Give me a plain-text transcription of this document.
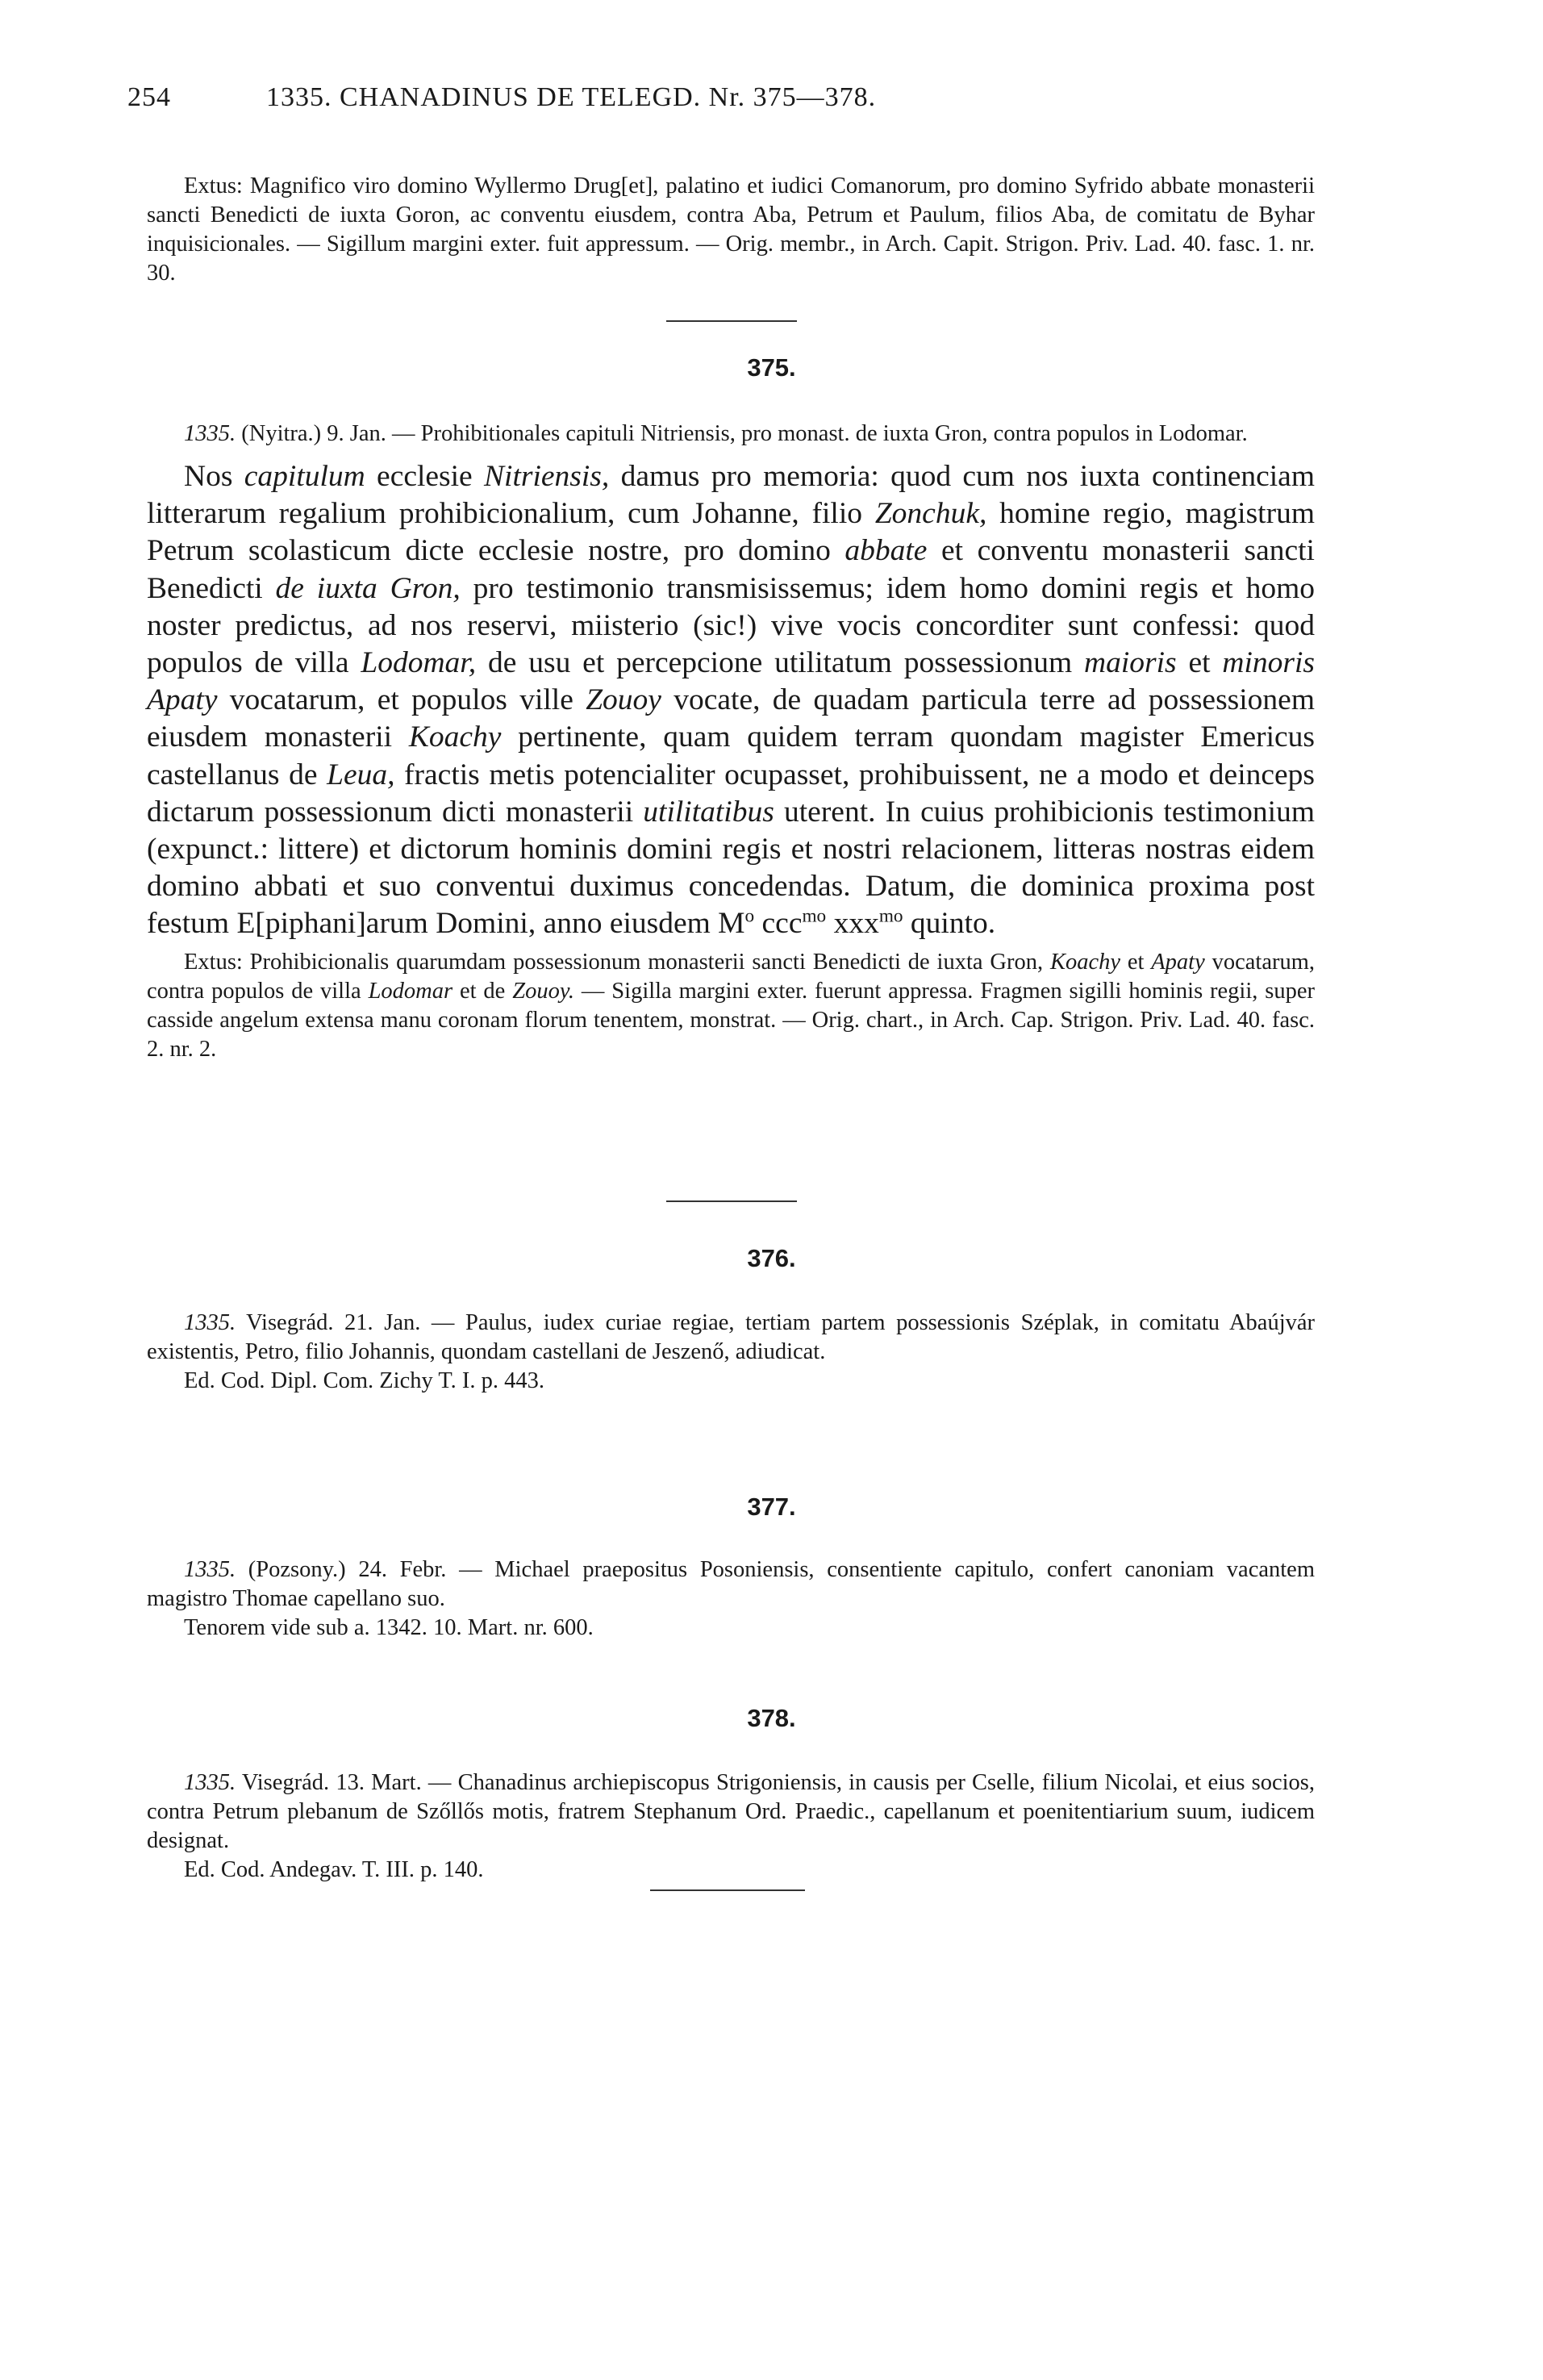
254	1335. CHANADINUS DE TELEGD. Nr. 375—378.

Extus: Magnifico viro domino Wyllermo Drug[et], palatino et iudici Comanorum, pro domino Syfrido abbate monasterii sancti Benedicti de iuxta Goron, ac conventu eiusdem, contra Aba, Petrum et Paulum, filios Aba, de comitatu de Byhar inquisicionales. — Sigillum margini exter. fuit appressum. — Orig. membr., in Arch. Capit. Strigon. Priv. Lad. 40. fasc. 1. nr. 30.

375.

1335. (Nyitra.) 9. Jan. — Prohibitionales capituli Nitriensis, pro monast. de iuxta Gron, contra populos in Lodomar.

Nos capitulum ecclesie Nitriensis, damus pro memoria: quod cum nos iuxta continenciam litterarum regalium prohibicionalium, cum Johanne, filio Zonchuk, homine regio, magistrum Petrum scolasticum dicte ecclesie nostre, pro domino abbate et conventu monasterii sancti Benedicti de iuxta Gron, pro testimonio transmisissemus; idem homo domini regis et homo noster predictus, ad nos reservi, miisterio (sic!) vive vocis concorditer sunt confessi: quod populos de villa Lodomar, de usu et percepcione utilitatum possessionum maioris et minoris Apaty vocatarum, et populos ville Zouoy vocate, de quadam particula terre ad possessionem eiusdem monasterii Koachy pertinente, quam quidem terram quondam magister Emericus castellanus de Leua, fractis metis potencialiter ocupasset, prohibuissent, ne a modo et deinceps dictarum possessionum dicti monasterii utilitatibus uterent. In cuius prohibicionis testimonium (expunct.: littere) et dictorum hominis domini regis et nostri relacionem, litteras nostras eidem domino abbati et suo conventui duximus concedendas. Datum, die dominica proxima post festum E[piphani]arum Domini, anno eiusdem $M^o$ ccc$^{mo}$ xxx$^{mo}$ quinto.

Extus: Prohibicionalis quarumdam possessionum monasterii sancti Benedicti de iuxta Gron, Koachy et Apaty vocatarum, contra populos de villa Lodomar et de Zouoy. — Sigilla margini exter. fuerunt appressa. Fragmen sigilli hominis regii, super casside angelum extensa manu coronam florum tenentem, monstrat. — Orig. chart., in Arch. Cap. Strigon. Priv. Lad. 40. fasc. 2. nr. 2.

376.

1335. Visegrád. 21. Jan. — Paulus, iudex curiae regiae, tertiam partem possessionis Széplak, in comitatu Abaújvár existentis, Petro, filio Johannis, quondam castellani de Jeszenő, adiudicat.

Ed. Cod. Dipl. Com. Zichy T. I. p. 443.

377.

1335. (Pozsony.) 24. Febr. — Michael praepositus Posoniensis, consentiente capitulo, confert canoniam vacantem magistro Thomae capellano suo.

Tenorem vide sub a. 1342. 10. Mart. nr. 600.

378.

1335. Visegrád. 13. Mart. — Chanadinus archiepiscopus Strigoniensis, in causis per Cselle, filium Nicolai, et eius socios, contra Petrum plebanum de Szőllős motis, fratrem Stephanum Ord. Praedic., capellanum et poenitentiarium suum, iudicem designat.

Ed. Cod. Andegav. T. III. p. 140.
